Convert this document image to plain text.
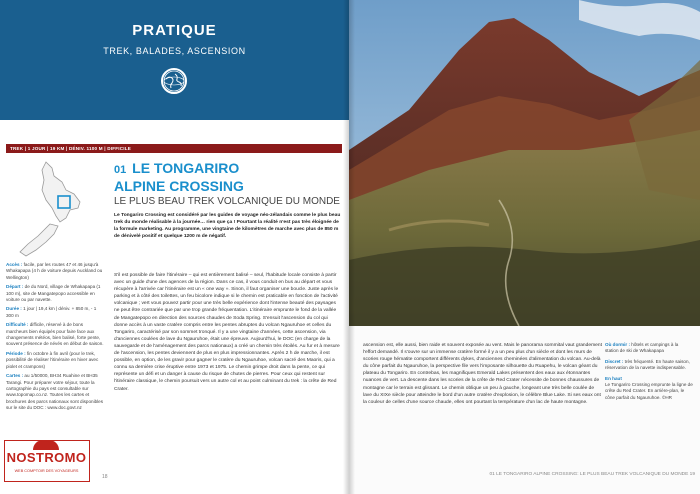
PRATIQUE
TREK, BALADES, ASCENSION
TREK | 1 JOUR | 19 KM | DÉNIV. 1100 M | DIFFICILE
Accès : facile, par les routes 47 et 46 jusqu'à Whakapapa (4 h de voiture depuis Auckland ou Wellington)
Départ : de du Nord, village de Whakapapa (1 100 m), site de Mangatepopo accessible en voiture ou par navette.
Durée : 1 jour | 19,4 km | déniv. + 850 m, - 1 300 m
Difficulté : difficile, réservé à de bons marcheurs bien équipés pour faire face aux changements météos, bien balisé, forte pente, souvent présence de névés en début de saison.
Période : fin octobre à fin avril (pour le trek, possibilité de réaliser l'itinéraire en hiver avec piolet et crampons)
Cartes : au 1/50000, BH34 Ruahine et BH35 Tarangi. Pour préparer votre séjour, toute la cartographie du pays est consultable sur www.topomap.co.nz. Toutes les cartes et brochures des parcs nationaux sont disponibles sur le site du DOC : www.doc.govt.nz
01 LE TONGARIRO
ALPINE CROSSING
LE PLUS BEAU TREK VOLCANIQUE DU MONDE
Le Tongariro Crossing est considéré par les guides de voyage néo-zélandais comme le plus beau trek du monde réalisable à la journée… rien que ça ! Pourtant la réalité n'est pas très éloignée de la formule marketing. Au programme, une vingtaine de kilomètres de marche avec plus de 850 m de dénivelé positif et quelque 1200 m de négatif.
S'il est possible de faire l'itinéraire – qui est entièrement balisé – seul, l'habitude locale consiste à partir avec un guide d'une des agences de la région. Dans ce cas, il vous conduit en bus au départ et vous récupère à l'arrivée car l'itinéraire est un « one way ». Sinon, il faut organiser une boucle. Juste après le parking et à côté des toilettes, un feu bicolore indique si le chemin est praticable en fonction de l'activité volcanique ; vert vous pouvez partir pour une très belle expérience dont l'intense beauté des paysages ne peut être contrariée que par une trop grande fréquentation. L'itinéraire emprunte le fond de la vallée de Mangatepopo en direction des sources chaudes de Soda Spring. S'ensuit l'ascension du col qui donne accès à un vaste cratère compris entre les pentes abruptes du volcan Ngauruhoe et celles du Tongariro, caractérisé par son sommet tronqué. Il y a une vingtaine d'années, cette ascension, via d'anciennes coulées de lave du Ngauruhoe, était une épreuve. Aujourd'hui, le DOC (en charge de la sauvegarde et de l'aménagement des parcs nationaux) a créé un chemin très étoilés. Au fur et à mesure de l'ascension, les pentes deviennent de plus en plus impressionnantes. Après 2 h de marche, il est possible, en option, de les gravir pour gagner le cratère du Ngauruhoe, volcan sacré des Maoris, qui a connu sa dernière crise éruptive entre 1973 et 1975. Le chemin grimpe droit dans la pente, ce qui représente un défi et un danger à cause du risque de chutes de pierres. Pour ceux qui restent sur l'itinéraire classique, le chemin poursuit vers un autre col et au point culminant du trek : la crête de Red Crater.
NOSTROMO
WEB COMPTOIR DES VOYAGEURS
18
ascension est, elle aussi, bien raide et souvent exposée au vent. Mais le panorama sommital vaut grandement l'effort demandé. Il s'ouvre sur un immense cratère formé il y a un peu plus d'un siècle et dont les murs de scories rouge hématite comportent différents dykes, d'anciennes cheminées d'alimentation du volcan. Au-delà du cône parfait du Ngauruhoe, la perspective file vers l'imposante silhouette du Ruapehu, le volcan géant du plateau du Tongariro. En contrebas, les magnifiques Emerald Lakes présentent des eaux aux étonnantes nuances de vert. La descente dans les scories de la crête de Red Crater nécessite de bonnes chaussures de montagne car le terrain est glissant. Le chemin oblique un peu à gauche, longeant une très belle coulée de lave du XIXe siècle pour atteindre le bord d'un autre cratère d'explosion, le célèbre Blue Lake. Si ses eaux ont la couleur de celles d'une source chaude, elles ont pourtant la température d'un lac de haute montagne.
Où dormir : hôtels et campings à la station de ski de Whakapapa
Discret : très fréquenté. En haute saison, réservation de la navette indispensable.
En haut
Le Tongariro Crossing emprunte la ligne de crête du Red Crater. En arrière-plan, le cône parfait du Ngauruhoe. ©HR
01 LE TONGARIRO ALPINE CROSSING: LE PLUS BEAU TREK VOLCANIQUE DU MONDE 19
